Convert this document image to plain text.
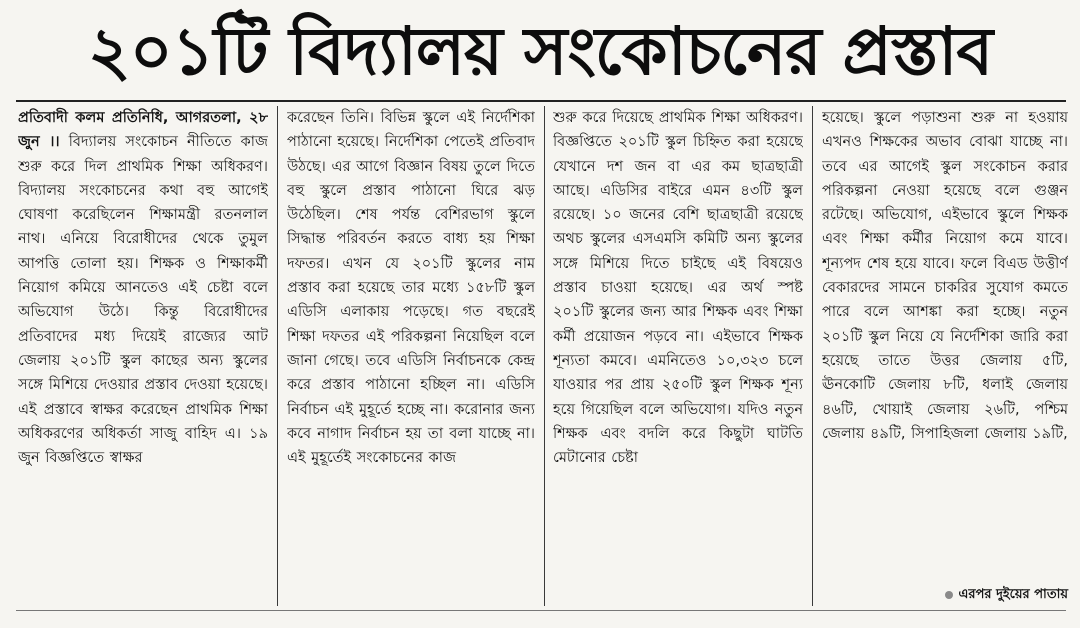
২০১টি বিদ্যালয় সংকোচনের প্রস্তাব

প্রতিবাদী কলম প্রতিনিধি, আগরতলা, ২৮ জুন ।। বিদ্যালয় সংকোচন নীতিতে কাজ শুরু করে দিল প্রাথমিক শিক্ষা অধিকরণ। বিদ্যালয় সংকোচনের কথা বহু আগেই ঘোষণা করেছিলেন শিক্ষামন্ত্রী রতনলাল নাথ। এনিয়ে বিরোধীদের থেকে তুমুল আপত্তি তোলা হয়। শিক্ষক ও শিক্ষাকর্মী নিয়োগ কমিয়ে আনতেও এই চেষ্টা বলে অভিযোগ উঠে। কিন্তু বিরোধীদের প্রতিবাদের মধ্য দিয়েই রাজ্যের আট জেলায় ২০১টি স্কুল কাছের অন্য স্কুলের সঙ্গে মিশিয়ে দেওয়ার প্রস্তাব দেওয়া হয়েছে। এই প্রস্তাবে স্বাক্ষর করেছেন প্রাথমিক শিক্ষা অধিকরণের অধিকর্তা সাজু বাহিদ এ। ১৯ জুন বিজ্ঞপ্তিতে স্বাক্ষর

করেছেন তিনি। বিভিন্ন স্কুলে এই নির্দেশিকা পাঠানো হয়েছে। নির্দেশিকা পেতেই প্রতিবাদ উঠছে। এর আগে বিজ্ঞান বিষয় তুলে দিতে বহু স্কুলে প্রস্তাব পাঠানো ঘিরে ঝড় উঠেছিল। শেষ পর্যন্ত বেশিরভাগ স্কুলে সিদ্ধান্ত পরিবর্তন করতে বাধ্য হয় শিক্ষা দফতর। এখন যে ২০১টি স্কুলের নাম প্রস্তাব করা হয়েছে তার মধ্যে ১৫৮টি স্কুল এডিসি এলাকায় পড়েছে। গত বছরেই শিক্ষা দফতর এই পরিকল্পনা নিয়েছিল বলে জানা গেছে। তবে এডিসি নির্বাচনকে কেন্দ্র করে প্রস্তাব পাঠানো হচ্ছিল না। এডিসি নির্বাচন এই মুহূর্তে হচ্ছে না। করোনার জন্য কবে নাগাদ নির্বাচন হয় তা বলা যাচ্ছে না। এই মুহূর্তেই সংকোচনের কাজ

শুরু করে দিয়েছে প্রাথমিক শিক্ষা অধিকরণ। বিজ্ঞপ্তিতে ২০১টি স্কুল চিহ্নিত করা হয়েছে যেখানে দশ জন বা এর কম ছাত্রছাত্রী আছে। এডিসির বাইরে এমন ৪৩টি স্কুল রয়েছে। ১০ জনের বেশি ছাত্রছাত্রী রয়েছে অথচ স্কুলের এসএমসি কমিটি অন্য স্কুলের সঙ্গে মিশিয়ে দিতে চাইছে এই বিষয়েও প্রস্তাব চাওয়া হয়েছে। এর অর্থ স্পষ্ট ২০১টি স্কুলের জন্য আর শিক্ষক এবং শিক্ষা কর্মী প্রয়োজন পড়বে না। এইভাবে শিক্ষক শূন্যতা কমবে। এমনিতেও ১০,৩২৩ চলে যাওয়ার পর প্রায় ২৫০টি স্কুল শিক্ষক শূন্য হয়ে গিয়েছিল বলে অভিযোগ। যদিও নতুন শিক্ষক এবং বদলি করে কিছুটা ঘাটতি মেটানোর চেষ্টা

হয়েছে। স্কুলে পড়াশুনা শুরু না হওয়ায় এখনও শিক্ষকের অভাব বোঝা যাচ্ছে না। তবে এর আগেই স্কুল সংকোচন করার পরিকল্পনা নেওয়া হয়েছে বলে গুঞ্জন রটেছে। অভিযোগ, এইভাবে স্কুলে শিক্ষক এবং শিক্ষা কর্মীর নিয়োগ কমে যাবে। শূন্যপদ শেষ হয়ে যাবে। ফলে বিএড উত্তীর্ণ বেকারদের সামনে চাকরির সুযোগ কমতে পারে বলে আশঙ্কা করা হচ্ছে। নতুন ২০১টি স্কুল নিয়ে যে নির্দেশিকা জারি করা হয়েছে তাতে উত্তর জেলায় ৫টি, ঊনকোটি জেলায় ৮টি, ধলাই জেলায় ৪৬টি, খোয়াই জেলায় ২৬টি, পশ্চিম জেলায় ৪৯টি, সিপাহিজলা জেলায় ১৯টি,

এরপর দুইয়ের পাতায়
